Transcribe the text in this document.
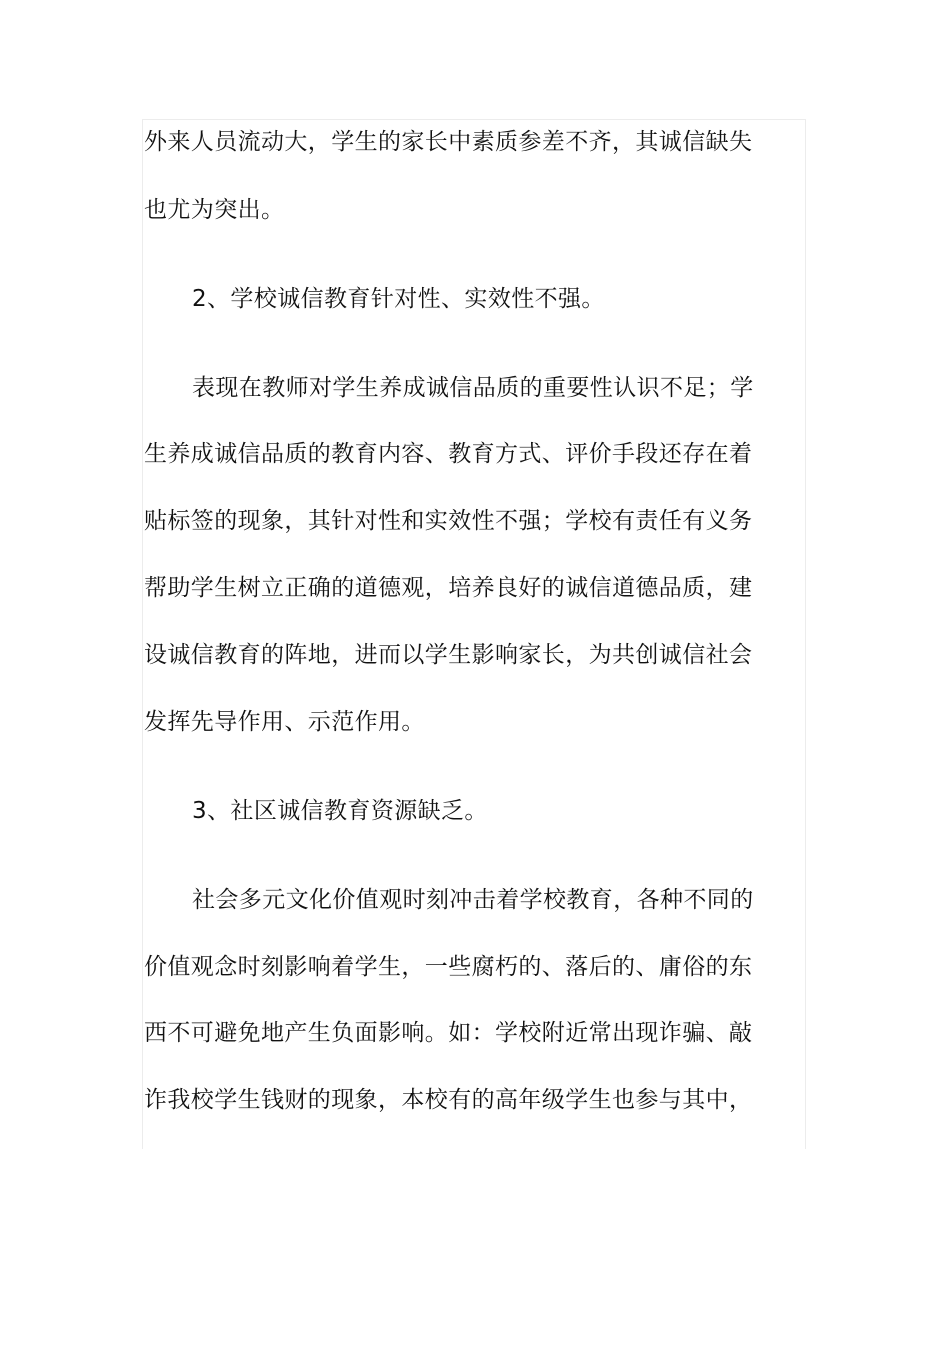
外来人员流动大，学生的家长中素质参差不齐，其诚信缺失
也尤为突出。
2、学校诚信教育针对性、实效性不强。
表现在教师对学生养成诚信品质的重要性认识不足；学
生养成诚信品质的教育内容、教育方式、评价手段还存在着
贴标签的现象，其针对性和实效性不强；学校有责任有义务
帮助学生树立正确的道德观，培养良好的诚信道德品质，建
设诚信教育的阵地，进而以学生影响家长，为共创诚信社会
发挥先导作用、示范作用。
3、社区诚信教育资源缺乏。
社会多元文化价值观时刻冲击着学校教育，各种不同的
价值观念时刻影响着学生，一些腐朽的、落后的、庸俗的东
西不可避免地产生负面影响。如：学校附近常出现诈骗、敲
诈我校学生钱财的现象，本校有的高年级学生也参与其中，
